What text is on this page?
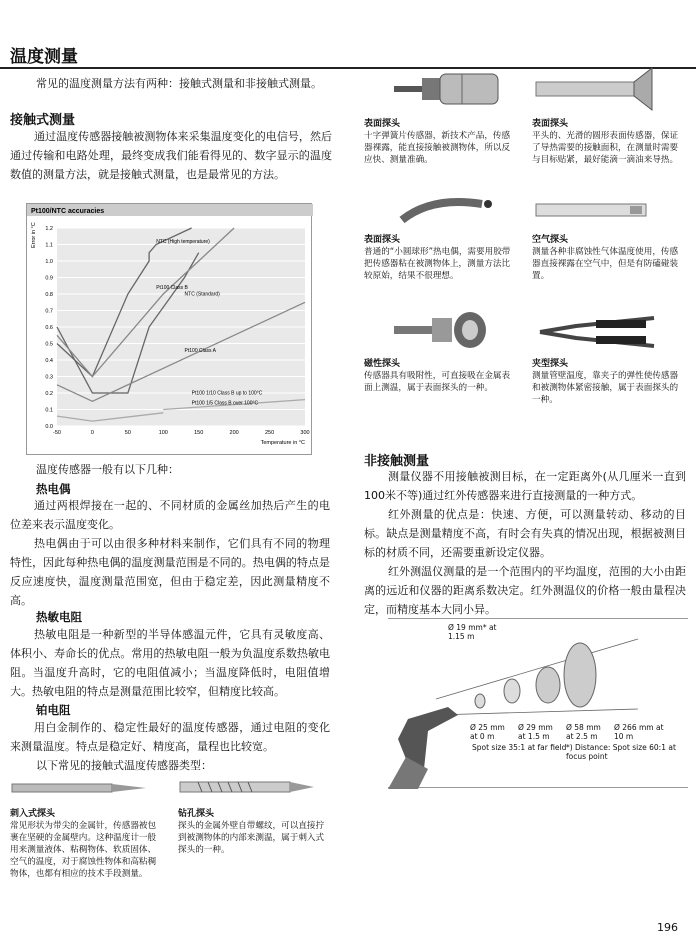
温度测量
常见的温度测量方法有两种：接触式测量和非接触式测量。
接触式测量
通过温度传感器接触被测物体来采集温度变化的电信号，然后通过传输和电路处理，最终变成我们能看得见的、数字显示的温度数值的测量方法，就是接触式测量，也是最常见的方法。
Pt100/NTC accuracies
0.0
0.1
0.2
0.3
0.4
0.5
0.6
0.7
0.8
0.9
1.0
1.1
1.2
-50	0	50	100	150	200	250	300
Temperature in °C
Error in °C	NTC (High temperature)
NTC (Standard)
Pt100 Class B
Pt100 Class A
Pt100 1/10 Class B up to 100°C
Pt100 1/5 Class B over 100°C
温度传感器一般有以下几种：
热电偶
通过两根焊接在一起的、不同材质的金属丝加热后产生的电位差来表示温度变化。
热电偶由于可以由很多种材料来制作，它们具有不同的物理特性，因此每种热电偶的温度测量范围是不同的。热电偶的特点是反应速度快，温度测量范围宽，但由于稳定差，因此测量精度不高。
热敏电阻
热敏电阻是一种新型的半导体感温元件，它具有灵敏度高、体积小、寿命长的优点。常用的热敏电阻一般为负温度系数热敏电阻。当温度升高时，它的电阻值减小；当温度降低时，电阻值增大。热敏电阻的特点是测量范围比较窄，但精度比较高。
铂电阻
用白金制作的、稳定性最好的温度传感器，通过电阻的变化来测量温度。特点是稳定好、精度高，量程也比较宽。
以下常见的接触式温度传感器类型：
表面探头
十字弹簧片传感器，新技术产品，传感器裸露，能直接接触被测物体，所以反应快、测量准确。
表面探头
平头的、光滑的圆形表面传感器，保证了导热需要的接触面积，在测量时需要与目标贴紧，最好能滴一滴油来导热。
表面探头
普通的“小圆球形”热电偶，需要用胶带把传感器粘在被测物体上，测量方法比较原始，结果不很理想。
空气探头
测量各种非腐蚀性气体温度使用，传感器直接裸露在空气中，但是有防磕碰装置。
磁性探头
传感器具有吸附性，可直接吸在金属表面上测温，属于表面探头的一种。
夹型探头
测量管壁温度，靠夹子的弹性使传感器和被测物体紧密接触，属于表面探头的一种。
非接触测量
测量仪器不用接触被测目标，在一定距离外(从几厘米一直到100米不等)通过红外传感器来进行直接测量的一种方式。
红外测量的优点是：快速、方便，可以测量转动、移动的目标。缺点是测量精度不高，有时会有失真的情况出现，根据被测目标的材质不同，还需要重新设定仪器。
红外测温仪测量的是一个范围内的平均温度，范围的大小由距离的远近和仪器的距离系数决定。红外测温仪的价格一般由量程决定，而精度基本大同小异。
Ø 19 mm* at 1.15 m
Ø 25 mm at 0 m
Ø 29 mm at 1.5 m
Ø 58 mm at 2.5 m
Ø 266 mm at 10 m
Spot size 35:1 at far field *) Distance: Spot size 60:1 at focus point
刺入式探头
常见形状为带尖的金属针，传感器被包裹在坚硬的金属壁内。这种温度计一般用来测量液体、粘稠物体、软质固体、空气的温度，对于腐蚀性物体和高粘稠物体，也都有相应的技术手段测量。
钻孔探头
探头的金属外壁自带螺纹，可以直接拧到被测物体的内部来测温，属于刺入式探头的一种。
196
